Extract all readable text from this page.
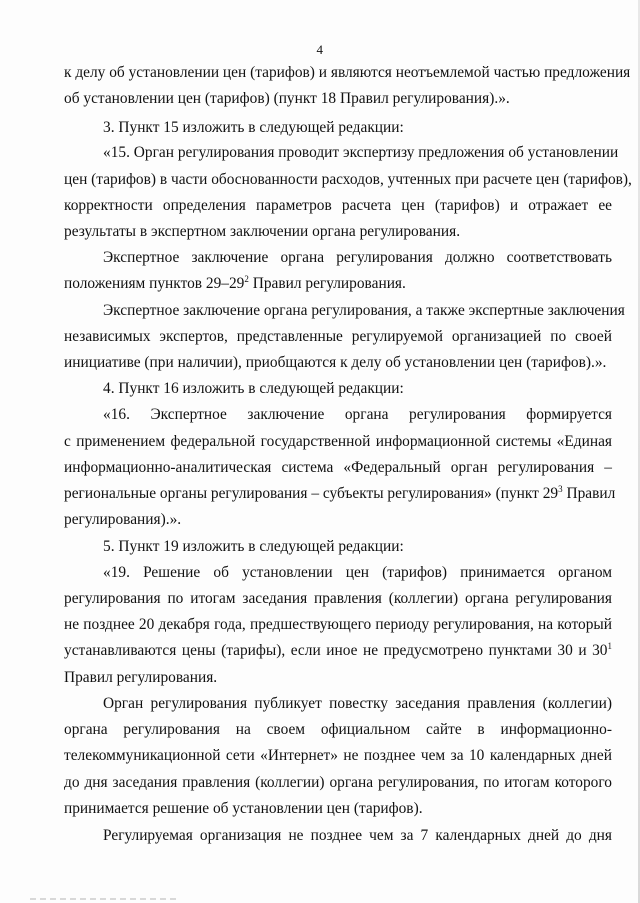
4
к делу об установлении цен (тарифов) и являются неотъемлемой частью предложения
об установлении цен (тарифов) (пункт 18 Правил регулирования).».
3. Пункт 15 изложить в следующей редакции:
«15. Орган регулирования проводит экспертизу предложения об установлении
цен (тарифов) в части обоснованности расходов, учтенных при расчете цен (тарифов),
корректности определения параметров расчета цен (тарифов) и отражает ее
результаты в экспертном заключении органа регулирования.
Экспертное заключение органа регулирования должно соответствовать
положениям пунктов $29-29^2$ Правил регулирования.
Экспертное заключение органа регулирования, а также экспертные заключения
независимых экспертов, представленные регулируемой организацией по своей
инициативе (при наличии), приобщаются к делу об установлении цен (тарифов).».
4. Пункт 16 изложить в следующей редакции:
«16. Экспертное заключение органа регулирования формируется
с применением федеральной государственной информационной системы «Единая
информационно-аналитическая система «Федеральный орган регулирования –
региональные органы регулирования – субъекты регулирования» (пункт $29^3$ Правил
регулирования).».
5. Пункт 19 изложить в следующей редакции:
«19. Решение об установлении цен (тарифов) принимается органом
регулирования по итогам заседания правления (коллегии) органа регулирования
не позднее 20 декабря года, предшествующего периоду регулирования, на который
устанавливаются цены (тарифы), если иное не предусмотрено пунктами 30 и $30^1$
Правил регулирования.
Орган регулирования публикует повестку заседания правления (коллегии)
органа регулирования на своем официальном сайте в информационно-
телекоммуникационной сети «Интернет» не позднее чем за 10 календарных дней
до дня заседания правления (коллегии) органа регулирования, по итогам которого
принимается решение об установлении цен (тарифов).
Регулируемая организация не позднее чем за 7 календарных дней до дня
